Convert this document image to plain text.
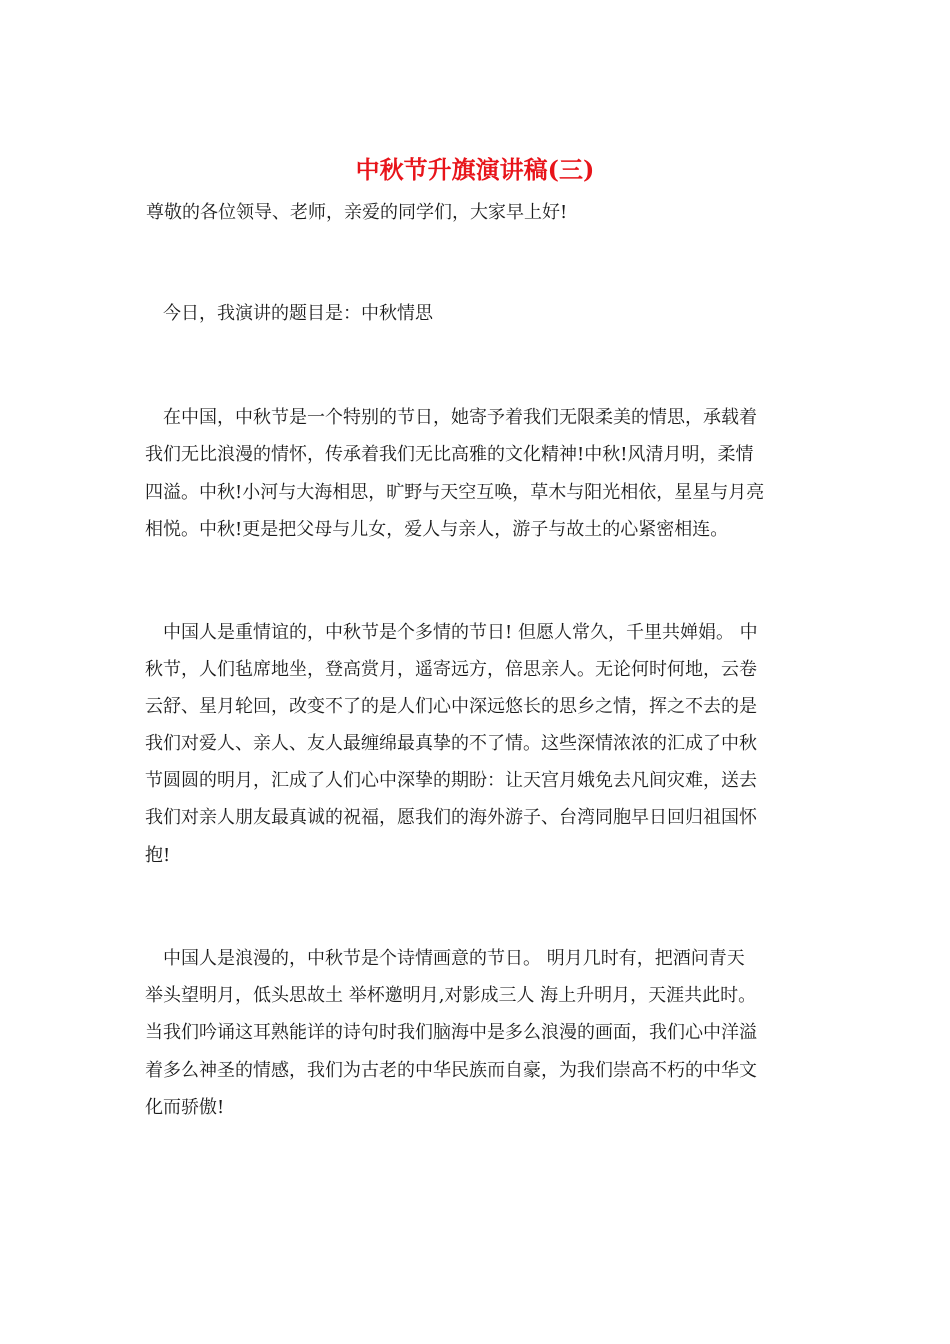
中秋节升旗演讲稿(三)
尊敬的各位领导、老师，亲爱的同学们，大家早上好!
今日，我演讲的题目是：中秋情思
在中国，中秋节是一个特别的节日，她寄予着我们无限柔美的情思，承载着
我们无比浪漫的情怀，传承着我们无比高雅的文化精神!中秋!风清月明，柔情
四溢。中秋!小河与大海相思，旷野与天空互唤，草木与阳光相依，星星与月亮
相悦。中秋!更是把父母与儿女，爱人与亲人，游子与故土的心紧密相连。
中国人是重情谊的，中秋节是个多情的节日! 但愿人常久，千里共婵娟。 中
秋节，人们毡席地坐，登高赏月，遥寄远方，倍思亲人。无论何时何地，云卷
云舒、星月轮回，改变不了的是人们心中深远悠长的思乡之情，挥之不去的是
我们对爱人、亲人、友人最缠绵最真挚的不了情。这些深情浓浓的汇成了中秋
节圆圆的明月，汇成了人们心中深挚的期盼：让天宫月娥免去凡间灾难，送去
我们对亲人朋友最真诚的祝福，愿我们的海外游子、台湾同胞早日回归祖国怀
抱!
中国人是浪漫的，中秋节是个诗情画意的节日。 明月几时有，把酒问青天
举头望明月，低头思故土 举杯邀明月,对影成三人 海上升明月，天涯共此时。
当我们吟诵这耳熟能详的诗句时我们脑海中是多么浪漫的画面，我们心中洋溢
着多么神圣的情感，我们为古老的中华民族而自豪，为我们崇高不朽的中华文
化而骄傲!
